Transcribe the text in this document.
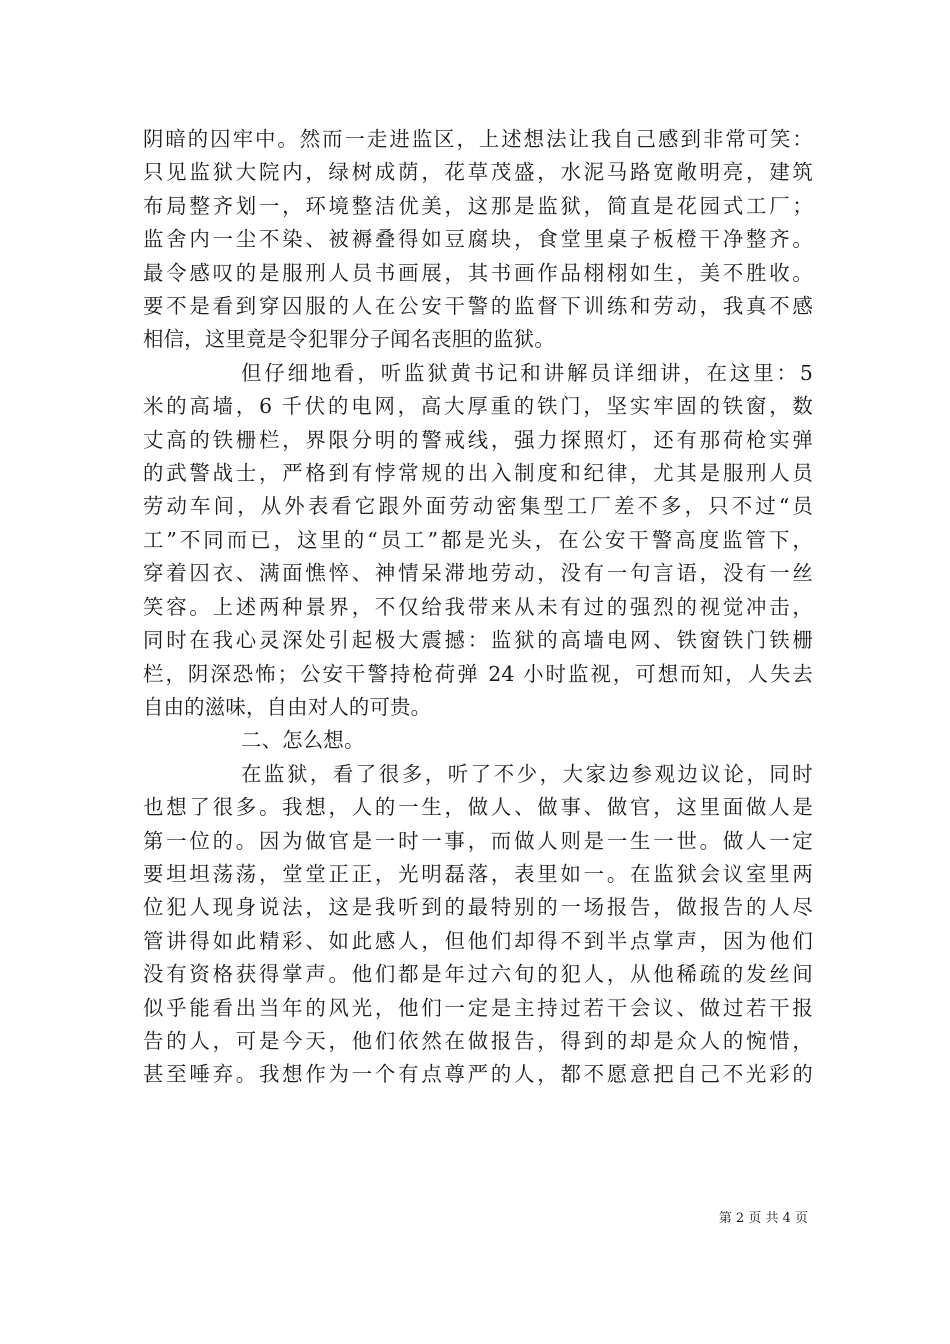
阴暗的囚牢中。然而一走进监区，上述想法让我自己感到非常可笑：
只见监狱大院内，绿树成荫，花草茂盛，水泥马路宽敞明亮，建筑
布局整齐划一，环境整洁优美，这那是监狱，简直是花园式工厂；
监舍内一尘不染、被褥叠得如豆腐块，食堂里桌子板橙干净整齐。
最令感叹的是服刑人员书画展，其书画作品栩栩如生，美不胜收。
要不是看到穿囚服的人在公安干警的监督下训练和劳动，我真不感
相信，这里竟是令犯罪分子闻名丧胆的监狱。
但仔细地看，听监狱黄书记和讲解员详细讲，在这里：5
米的高墙，6 千伏的电网，高大厚重的铁门，坚实牢固的铁窗，数
丈高的铁栅栏，界限分明的警戒线，强力探照灯，还有那荷枪实弹
的武警战士，严格到有悖常规的出入制度和纪律，尤其是服刑人员
劳动车间，从外表看它跟外面劳动密集型工厂差不多，只不过“员
工”不同而已，这里的“员工”都是光头，在公安干警高度监管下，
穿着囚衣、满面憔悴、神情呆滞地劳动，没有一句言语，没有一丝
笑容。上述两种景界，不仅给我带来从未有过的强烈的视觉冲击，
同时在我心灵深处引起极大震撼：监狱的高墙电网、铁窗铁门铁栅
栏，阴深恐怖；公安干警持枪荷弹 24 小时监视，可想而知，人失去
自由的滋味，自由对人的可贵。
二、怎么想。
在监狱，看了很多，听了不少，大家边参观边议论，同时
也想了很多。我想，人的一生，做人、做事、做官，这里面做人是
第一位的。因为做官是一时一事，而做人则是一生一世。做人一定
要坦坦荡荡，堂堂正正，光明磊落，表里如一。在监狱会议室里两
位犯人现身说法，这是我听到的最特别的一场报告，做报告的人尽
管讲得如此精彩、如此感人，但他们却得不到半点掌声，因为他们
没有资格获得掌声。他们都是年过六旬的犯人，从他稀疏的发丝间
似乎能看出当年的风光，他们一定是主持过若干会议、做过若干报
告的人，可是今天，他们依然在做报告，得到的却是众人的惋惜，
甚至唾弃。我想作为一个有点尊严的人，都不愿意把自己不光彩的
第 2 页 共 4 页
